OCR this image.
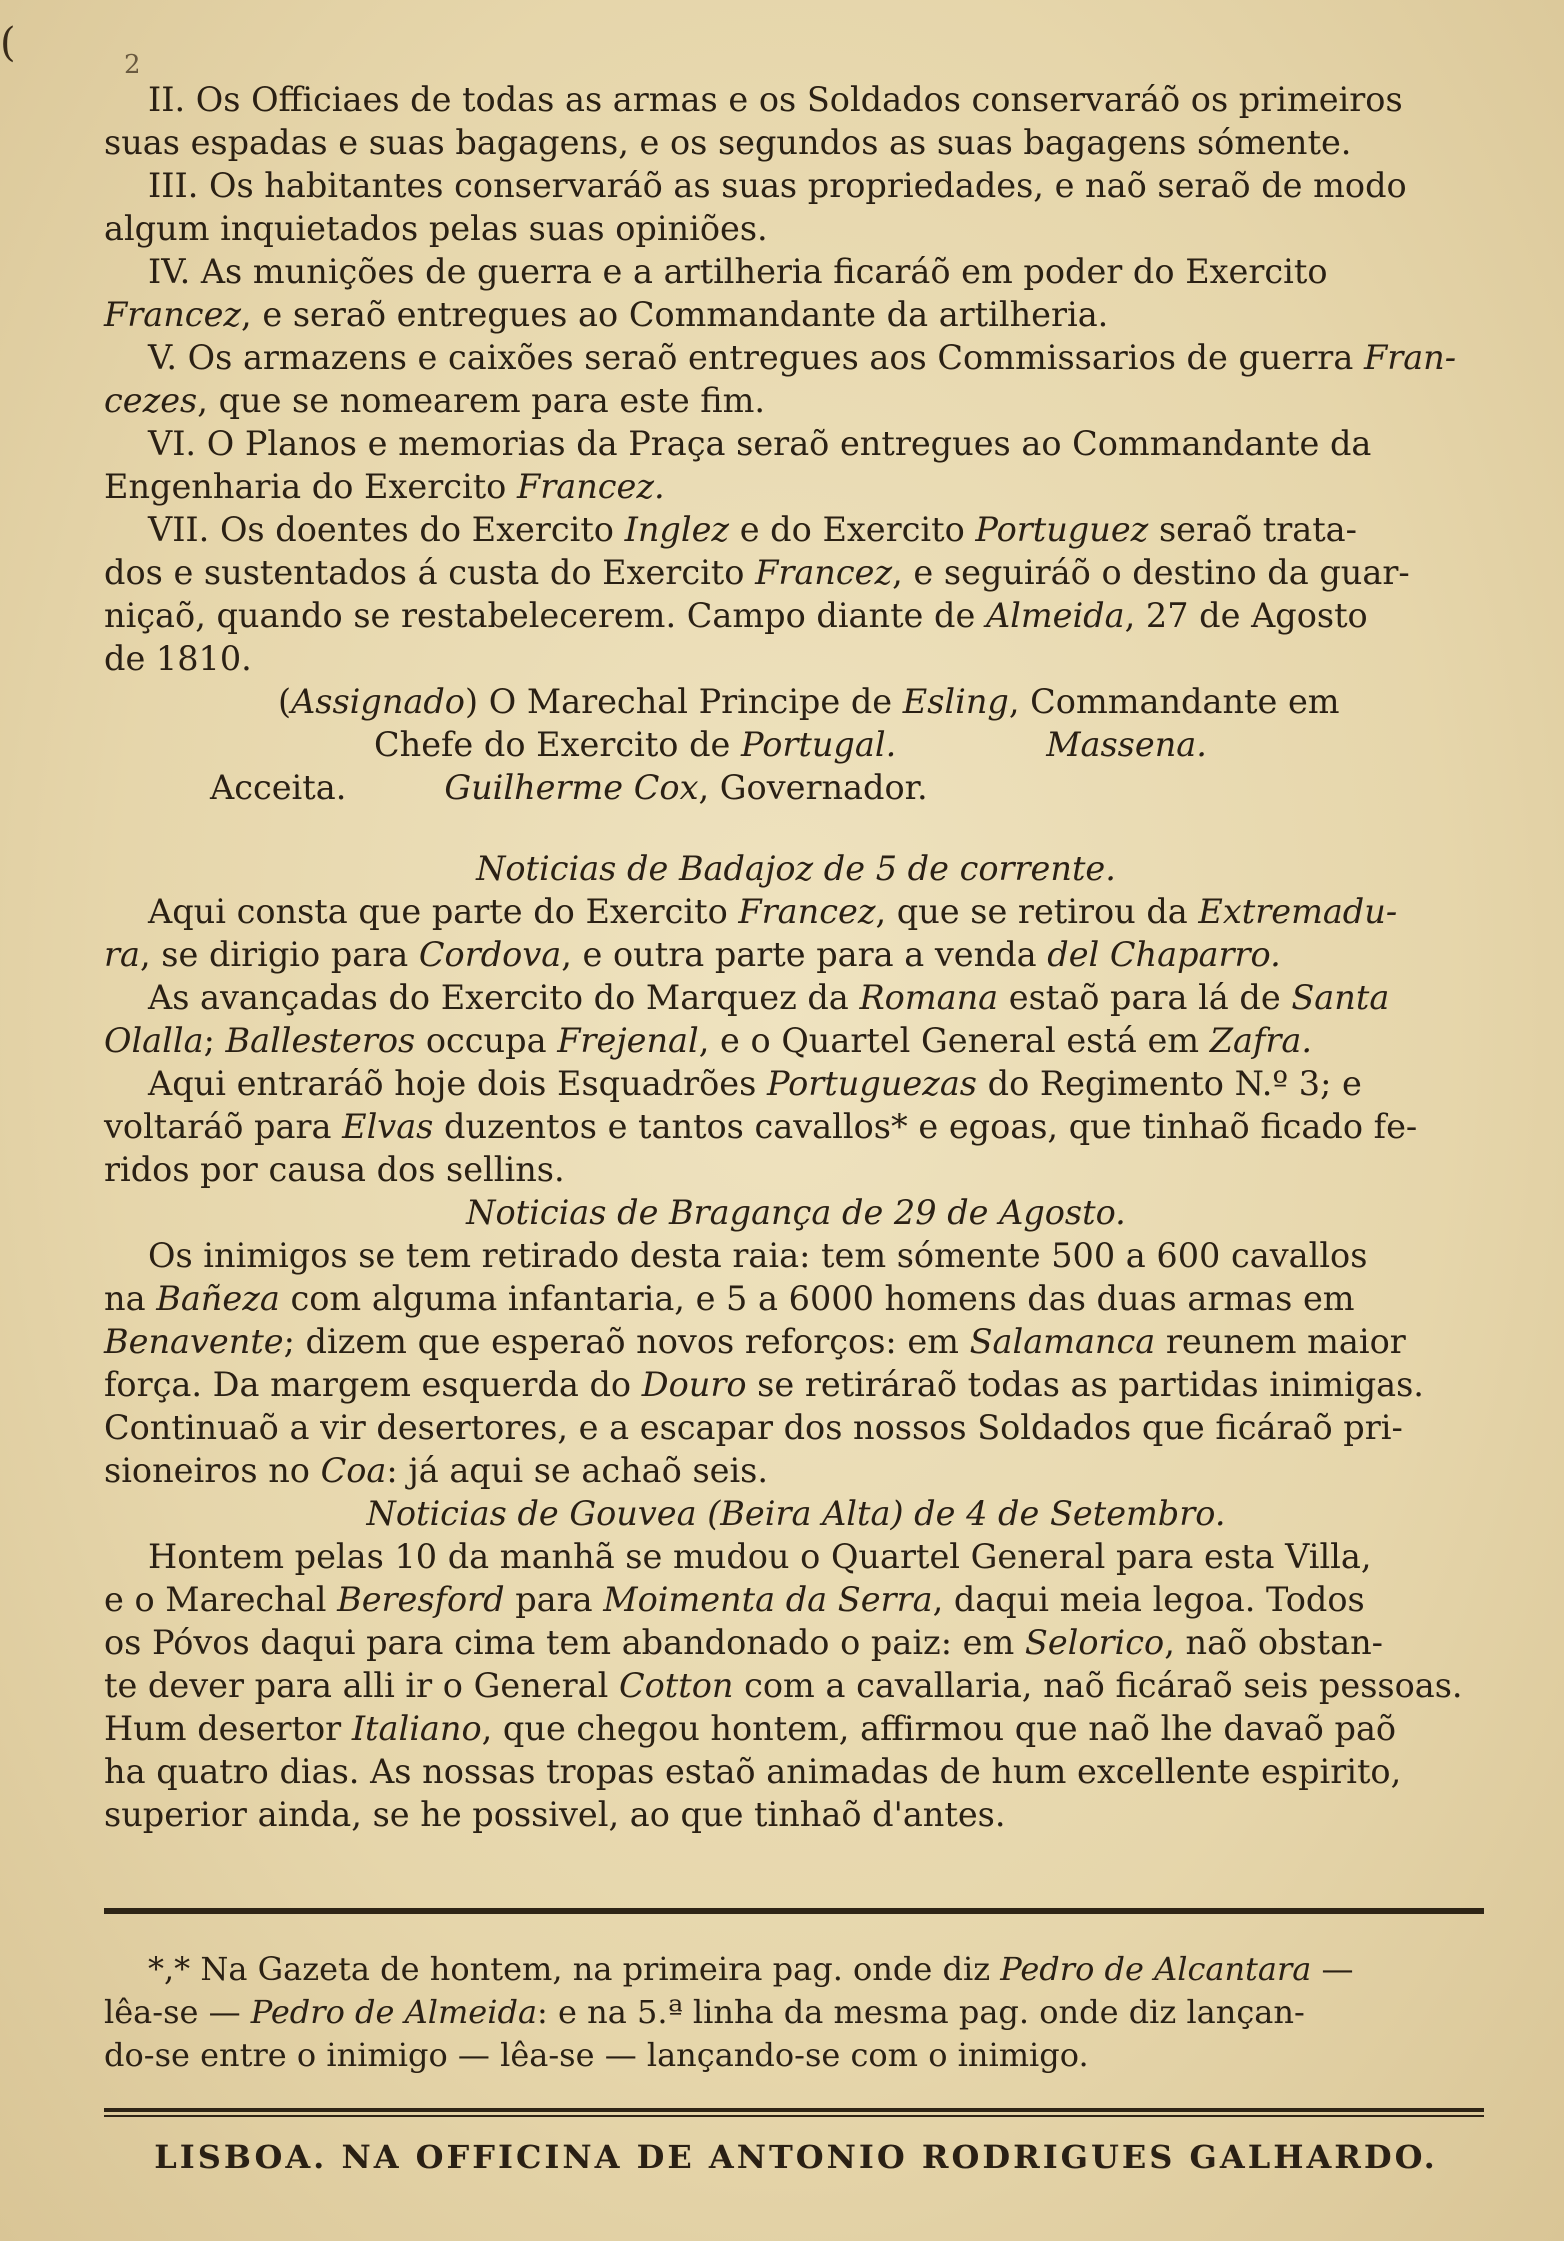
(	2
II. Os Officiaes de todas as armas e os Soldados conservaráõ os primeiros
suas espadas e suas bagagens, e os segundos as suas bagagens sómente.
III. Os habitantes conservaráõ as suas propriedades, e naõ seraõ de modo
algum inquietados pelas suas opiniões.
IV. As munições de guerra e a artilheria ficaráõ em poder do Exercito
Francez, e seraõ entregues ao Commandante da artilheria.
V. Os armazens e caixões seraõ entregues aos Commissarios de guerra Fran-
cezes, que se nomearem para este fim.
VI. O Planos e memorias da Praça seraõ entregues ao Commandante da
Engenharia do Exercito Francez.
VII. Os doentes do Exercito Inglez e do Exercito Portuguez seraõ trata-
dos e sustentados á custa do Exercito Francez, e seguiráõ o destino da guar-
niçaõ, quando se restabelecerem. Campo diante de Almeida, 27 de Agosto
de 1810.
(Assignado) O Marechal Principe de Esling, Commandante em
Chefe do Exercito de Portugal.	Massena.
Acceita.	Guilherme Cox, Governador.
Noticias de Badajoz de 5 de corrente.
Aqui consta que parte do Exercito Francez, que se retirou da Extremadu-
ra, se dirigio para Cordova, e outra parte para a venda del Chaparro.
As avançadas do Exercito do Marquez da Romana estaõ para lá de Santa
Olalla; Ballesteros occupa Frejenal, e o Quartel General está em Zafra.
Aqui entraráõ hoje dois Esquadrões Portuguezas do Regimento N.º 3; e
voltaráõ para Elvas duzentos e tantos cavallos* e egoas, que tinhaõ ficado fe-
ridos por causa dos sellins.
Noticias de Bragança de 29 de Agosto.
Os inimigos se tem retirado desta raia: tem sómente 500 a 600 cavallos
na Bañeza com alguma infantaria, e 5 a 6000 homens das duas armas em
Benavente; dizem que esperaõ novos reforços: em Salamanca reunem maior
força. Da margem esquerda do Douro se retiráraõ todas as partidas inimigas.
Continuaõ a vir desertores, e a escapar dos nossos Soldados que ficáraõ pri-
sioneiros no Coa: já aqui se achaõ seis.
Noticias de Gouvea (Beira Alta) de 4 de Setembro.
Hontem pelas 10 da manhã se mudou o Quartel General para esta Villa,
e o Marechal Beresford para Moimenta da Serra, daqui meia legoa. Todos
os Póvos daqui para cima tem abandonado o paiz: em Selorico, naõ obstan-
te dever para alli ir o General Cotton com a cavallaria, naõ ficáraõ seis pessoas.
Hum desertor Italiano, que chegou hontem, affirmou que naõ lhe davaõ paõ
ha quatro dias. As nossas tropas estaõ animadas de hum excellente espirito,
superior ainda, se he possivel, ao que tinhaõ d'antes.
*,* Na Gazeta de hontem, na primeira pag. onde diz Pedro de Alcantara —
lêa-se — Pedro de Almeida: e na 5.ª linha da mesma pag. onde diz lançan-
do-se entre o inimigo — lêa-se — lançando-se com o inimigo.
LISBOA. NA OFFICINA DE ANTONIO RODRIGUES GALHARDO.
